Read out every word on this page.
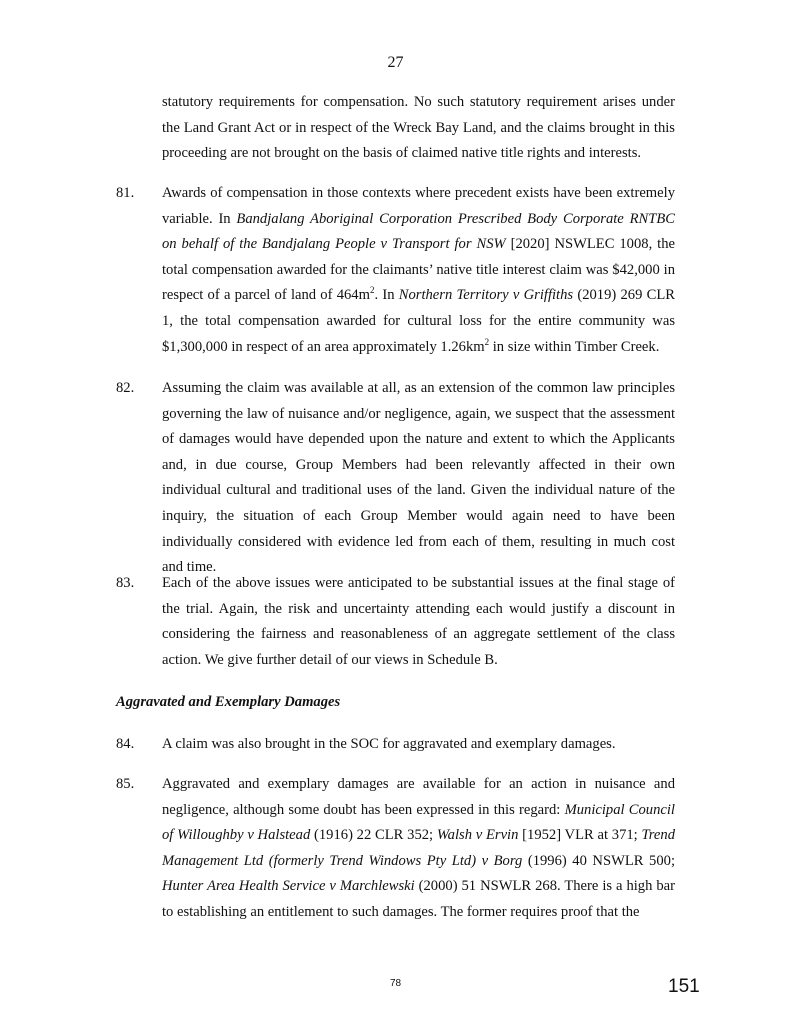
27

statutory requirements for compensation. No such statutory requirement arises under the Land Grant Act or in respect of the Wreck Bay Land, and the claims brought in this proceeding are not brought on the basis of claimed native title rights and interests.

81. Awards of compensation in those contexts where precedent exists have been extremely variable. In Bandjalang Aboriginal Corporation Prescribed Body Corporate RNTBC on behalf of the Bandjalang People v Transport for NSW [2020] NSWLEC 1008, the total compensation awarded for the claimants’ native title interest claim was $42,000 in respect of a parcel of land of $464m^2$. In Northern Territory v Griffiths (2019) 269 CLR 1, the total compensation awarded for cultural loss for the entire community was $1,300,000 in respect of an area approximately $1.26km^2$ in size within Timber Creek.

82. Assuming the claim was available at all, as an extension of the common law principles governing the law of nuisance and/or negligence, again, we suspect that the assessment of damages would have depended upon the nature and extent to which the Applicants and, in due course, Group Members had been relevantly affected in their own individual cultural and traditional uses of the land. Given the individual nature of the inquiry, the situation of each Group Member would again need to have been individually considered with evidence led from each of them, resulting in much cost and time.

83. Each of the above issues were anticipated to be substantial issues at the final stage of the trial. Again, the risk and uncertainty attending each would justify a discount in considering the fairness and reasonableness of an aggregate settlement of the class action. We give further detail of our views in Schedule B.

Aggravated and Exemplary Damages
84. A claim was also brought in the SOC for aggravated and exemplary damages.

85. Aggravated and exemplary damages are available for an action in nuisance and negligence, although some doubt has been expressed in this regard: Municipal Council of Willoughby v Halstead (1916) 22 CLR 352; Walsh v Ervin [1952] VLR at 371; Trend Management Ltd (formerly Trend Windows Pty Ltd) v Borg (1996) 40 NSWLR 500; Hunter Area Health Service v Marchlewski (2000) 51 NSWLR 268. There is a high bar to establishing an entitlement to such damages. The former requires proof that the

78	151
